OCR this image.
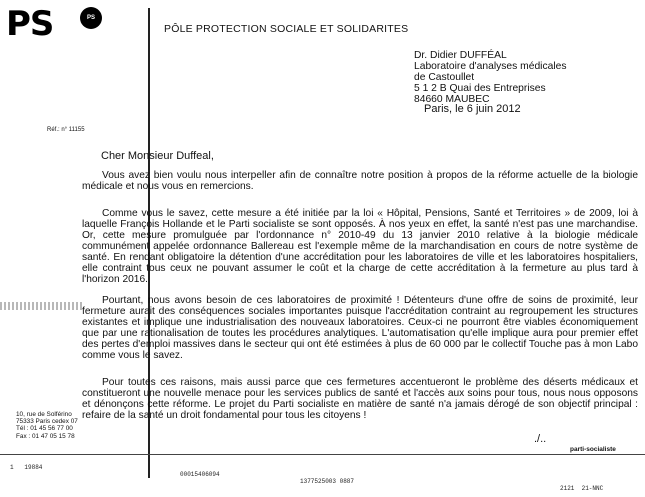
PS	PS
PÔLE PROTECTION SOCIALE ET SOLIDARITES
Dr. Didier DUFFÉAL
Laboratoire d'analyses médicales
de Castoullet
5 1 2 B Quai des Entreprises
84660 MAUBEC
Paris, le 6 juin 2012
Réf.: n° 11155
Cher Monsieur Duffeal,

Vous avez bien voulu nous interpeller afin de connaître notre position à propos de la réforme actuelle de la biologie médicale et nous vous en remercions.

Comme vous le savez, cette mesure a été initiée par la loi « Hôpital, Pensions, Santé et Territoires » de 2009, loi à laquelle François Hollande et le Parti socialiste se sont opposés. À nos yeux en effet, la santé n'est pas une marchandise. Or, cette mesure promulguée par l'ordonnance n° 2010-49 du 13 janvier 2010 relative à la biologie médicale communément appelée ordonnance Ballereau est l'exemple même de la marchandisation en cours de notre système de santé. En rendant obligatoire la détention d'une accréditation pour les laboratoires de ville et les laboratoires hospitaliers, elle contraint tous ceux ne pouvant assumer le coût et la charge de cette accréditation à la fermeture au plus tard à l'horizon 2016.

Pourtant, nous avons besoin de ces laboratoires de proximité ! Détenteurs d'une offre de soins de proximité, leur fermeture aurait des conséquences sociales importantes puisque l'accréditation contraint au regroupement les structures existantes et implique une industrialisation des nouveaux laboratoires. Ceux-ci ne pourront être viables économiquement que par une rationalisation de toutes les procédures analytiques. L'automatisation qu'elle implique aura pour premier effet des pertes d'emploi massives dans le secteur qui ont été estimées à plus de 60 000 par le collectif Touche pas à mon Labo comme vous le savez.

Pour toutes ces raisons, mais aussi parce que ces fermetures accentueront le problème des déserts médicaux et constitueront une nouvelle menace pour les services publics de santé et l'accès aux soins pour tous, nous nous opposons et dénonçons cette réforme. Le projet du Parti socialiste en matière de santé n'a jamais dérogé de son objectif principal : refaire de la santé un droit fondamental pour tous les citoyens !

./..
10, rue de Solférino
75333 Paris cedex 07
Tél : 01 45 56 77 00
Fax : 01 47 05 15 78
parti-socialiste

1   19884

00015406094

1377525003 0887

2121  21-NNC
